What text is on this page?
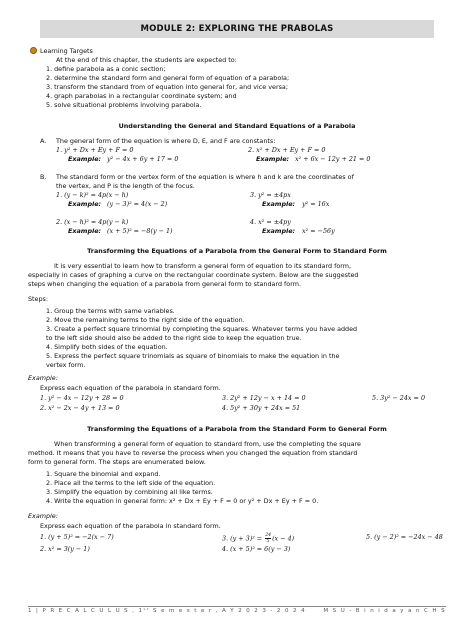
MODULE 2: EXPLORING THE PRABOLAS
Learning Targets
At the end of this chapter, the students are expected to:
1. define parabola as a conic section;
2. determine the standard form and general form of equation of a parabola;
3. transform the standard from of equation into general for, and vice versa;
4. graph parabolas in a rectangular coordinate system; and
5. solve situational problems involving parabola.
Understanding the General and Standard Equations of a Parabola
A. The general form of the equation is where D, E, and F are constants:
1. y² + Dx + Ey + F = 0	2. x² + Dx + Ey + F = 0
Example: y² − 4x + 6y + 17 = 0	Example: x² + 6x − 12y + 21 = 0
B. The standard form or the vertex form of the equation is where h and k are the coordinates of
the vertex, and P is the length of the focus.
1. (y − k)² = 4p(x − h)	3. y² = ±4px
Example: (y − 3)² = 4(x − 2)	Example: y² = 16x
2. (x − h)² = 4p(y − k)	4. x² = ±4py
Example: (x + 5)² = −8(y − 1)	Example: x² = −56y
Transforming the Equations of a Parabola from the General Form to Standard Form
It is very essential to learn how to transform a general form of equation to its standard form,
especially in cases of graphing a curve on the rectangular coordinate system. Below are the suggested
steps when changing the equation of a parabola from general form to standard form.
Steps:
1. Group the terms with same variables.
2. Move the remaining terms to the right side of the equation.
3. Create a perfect square trinomial by completing the squares. Whatever terms you have added
to the left side should also be added to the right side to keep the equation true.
4. Simplify both sides of the equation.
5. Express the perfect square trinomials as square of binomials to make the equation in the
vertex form.
Example:
Express each equation of the parabola in standard form.
1. y² − 4x − 12y + 28 = 0	3. 2y² + 12y − x + 14 = 0	5. 3y² − 24x = 0
2. x² − 2x − 4y + 13 = 0	4. 5y² + 30y + 24x = 51
Transforming the Equations of a Parabola from the Standard Form to General Form
When transforming a general form of equation to standard from, use the completing the square
method. It means that you have to reverse the process when you changed the equation from standard
form to general form. The steps are enumerated below.
1. Square the binomial and expand.
2. Place all the terms to the left side of the equation.
3. Simplify the equation by combining all like terms.
4. Write the equation in general form: x² + Dx + Ey + F = 0 or y² + Dx + Ey + F = 0.
Example:
Express each equation of the parabola in standard form.
1. (y + 5)² = −2(x − 7)	3. $(y + 3)^2 = \frac{24}{5} (x - 4)$	5. (y − 2)² = −24x − 48
2. x² = 3(y − 1)	4. (x + 5)² = 6(y − 3)
1 | P R E C A L C U L U S , 1ˢᵗ S e m e s t e r , A Y 2 0 2 3 - 2 0 2 4	M S U - B i n i d a y a n C H S
